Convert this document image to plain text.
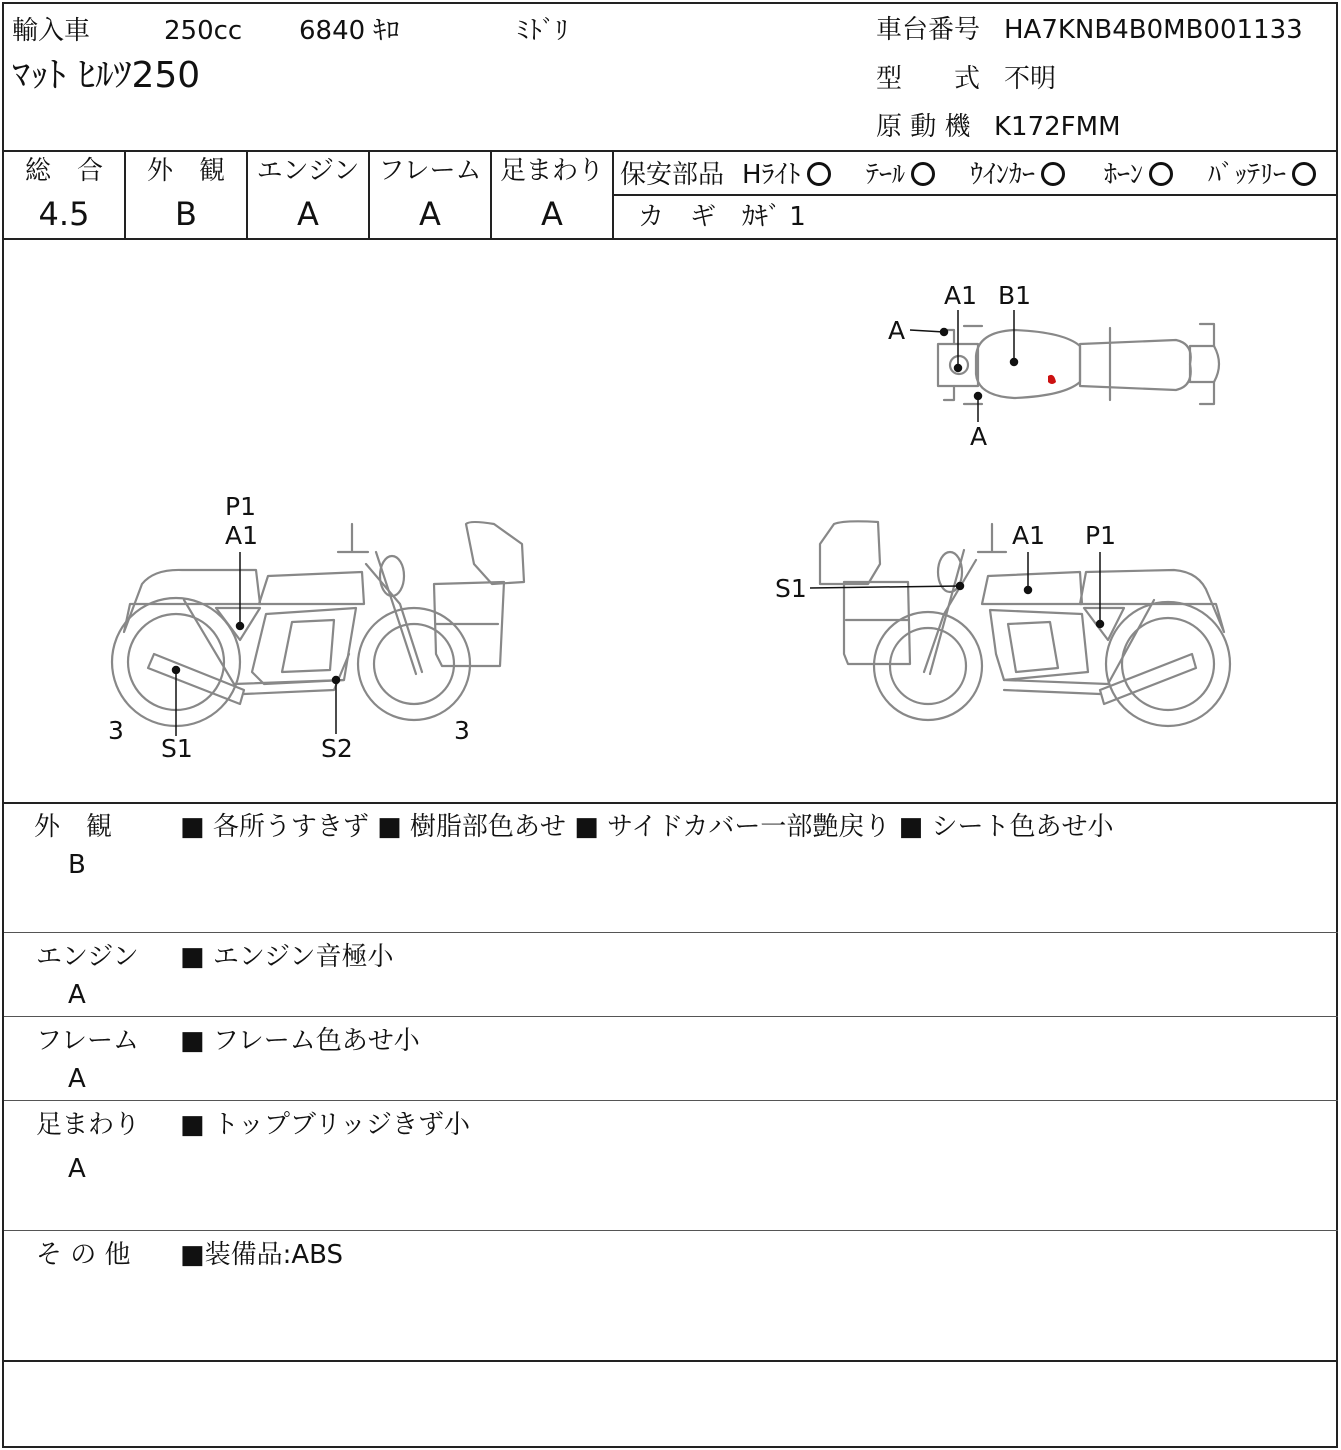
輸入車	250cc 6840 ｷﾛ	ﾐﾄﾞﾘ
ﾏｯﾄ ﾋﾙﾂ250
車台番号 HA7KNB4B0MB001133
型　　式 不明
原 動 機 K172FMM
総　合
4.5
外　観
B
エンジン
A
フレーム
A
足まわり
A
保安部品 Hﾗｲﾄ	ﾃｰﾙ	ｳｲﾝｶｰ	ﾎｰﾝ	ﾊﾞｯﾃﾘｰ
カ　ギ ｶｷﾞ 1
P1
A1
S1	S2
3	3
S1
A1 P1
A1 B1
A
A
外　観
B
■ 各所うすきず ■ 樹脂部色あせ ■ サイドカバー一部艶戻り ■ シート色あせ小
エンジン
A
■ エンジン音極小
フレーム
A
■ フレーム色あせ小
足まわり
A
■ トップブリッジきず小
そ の 他 ■装備品:ABS
